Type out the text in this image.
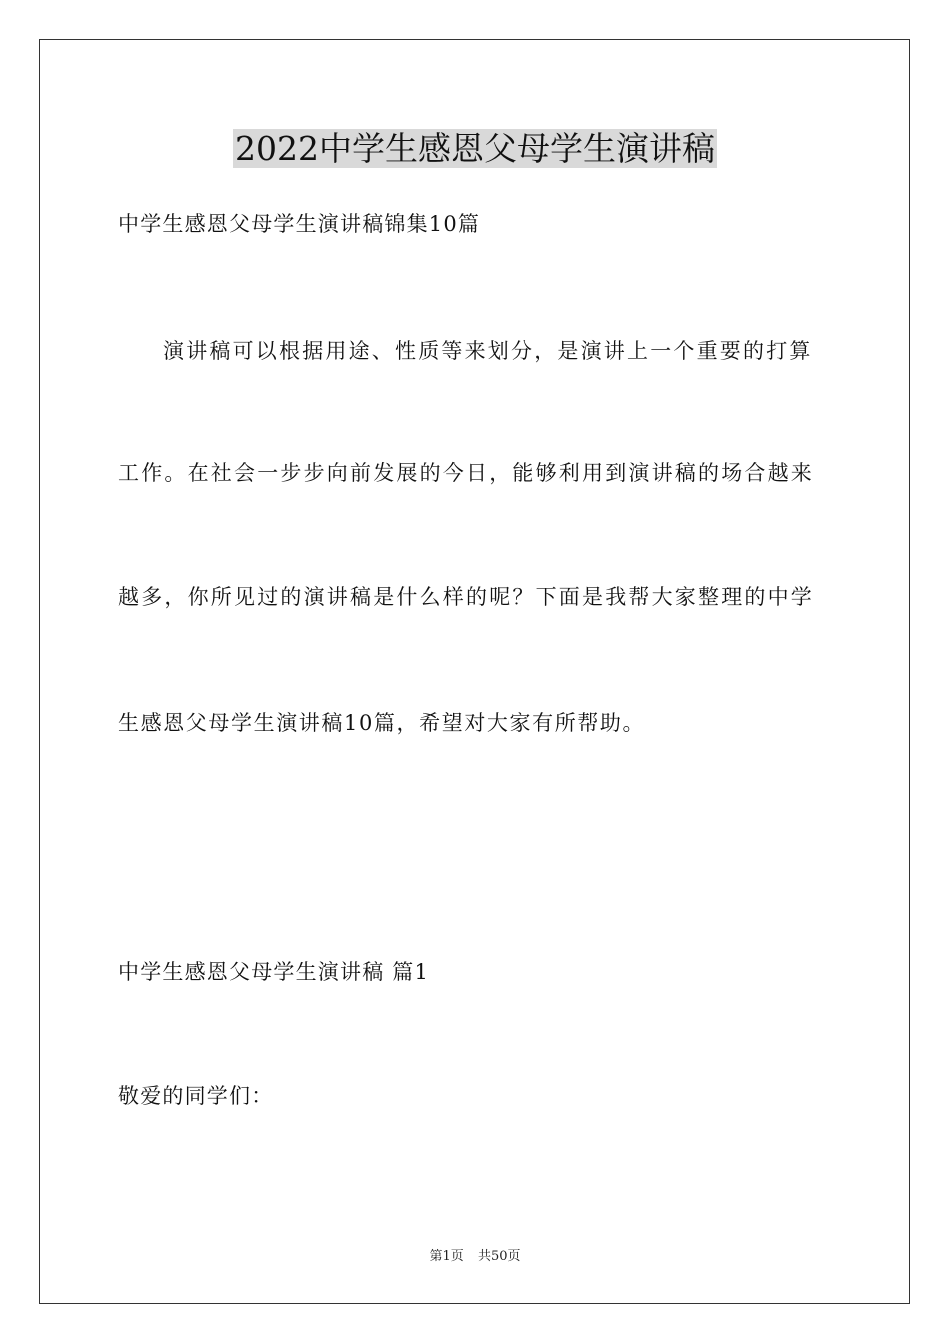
2022中学生感恩父母学生演讲稿

中学生感恩父母学生演讲稿锦集10篇

演讲稿可以根据用途、性质等来划分，是演讲上一个重要的打算

工作。在社会一步步向前发展的今日，能够利用到演讲稿的场合越来

越多，你所见过的演讲稿是什么样的呢？下面是我帮大家整理的中学

生感恩父母学生演讲稿10篇，希望对大家有所帮助。

中学生感恩父母学生演讲稿 篇1

敬爱的同学们：

第1页 共50页
